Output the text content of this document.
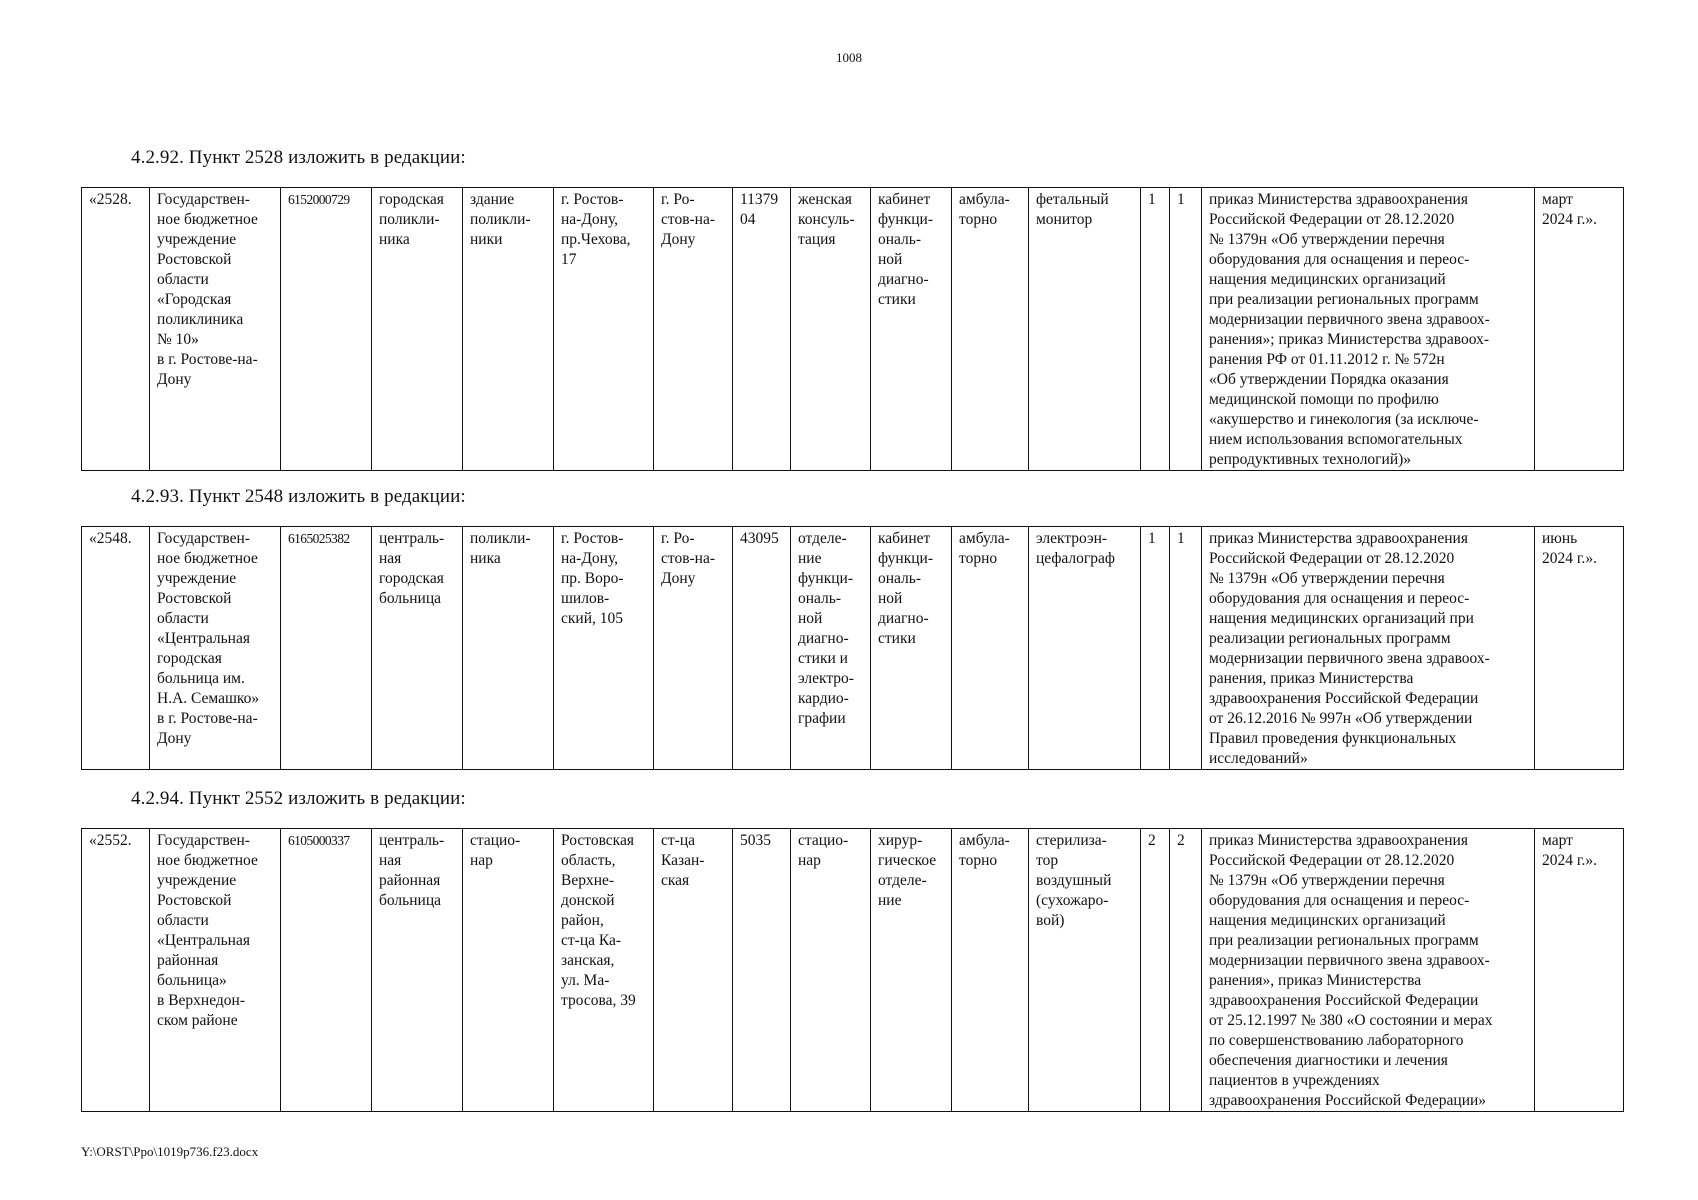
1008
4.2.92. Пункт 2528 изложить в редакции:
«2528.	Государствен-
ное бюджетное
учреждение
Ростовской
области
«Городская
поликлиника
№ 10»
в г. Ростове-на-
Дону	6152000729	городская
поликли-
ника	здание
поликли-
ники	г. Ростов-
на-Дону,
пр.Чехова,
17	г. Ро-
стов-на-
Дону	11379
04	женская
консуль-
тация	кабинет
функци-
ональ-
ной
диагно-
стики	амбула-
торно	фетальный
монитор	1	1	приказ Министерства здравоохранения
Российской Федерации от 28.12.2020
№ 1379н «Об утверждении перечня
оборудования для оснащения и переос-
нащения медицинских организаций
при реализации региональных программ
модернизации первичного звена здравоох-
ранения»; приказ Министерства здравоох-
ранения РФ от 01.11.2012 г. № 572н
«Об утверждении Порядка оказания
медицинской помощи по профилю
«акушерство и гинекология (за исключе-
нием использования вспомогательных
репродуктивных технологий)»	март
2024 г.».
4.2.93. Пункт 2548 изложить в редакции:
«2548.	Государствен-
ное бюджетное
учреждение
Ростовской
области
«Центральная
городская
больница им.
Н.А. Семашко»
в г. Ростове-на-
Дону	6165025382	централь-
ная
городская
больница	поликли-
ника	г. Ростов-
на-Дону,
пр. Воро-
шилов-
ский, 105	г. Ро-
стов-на-
Дону	43095	отделе-
ние
функци-
ональ-
ной
диагно-
стики и
электро-
кардио-
графии	кабинет
функци-
ональ-
ной
диагно-
стики	амбула-
торно	электроэн-
цефалограф	1	1	приказ Министерства здравоохранения
Российской Федерации от 28.12.2020
№ 1379н «Об утверждении перечня
оборудования для оснащения и переос-
нащения медицинских организаций при
реализации региональных программ
модернизации первичного звена здравоох-
ранения, приказ Министерства
здравоохранения Российской Федерации
от 26.12.2016 № 997н «Об утверждении
Правил проведения функциональных
исследований»	июнь
2024 г.».
4.2.94. Пункт 2552 изложить в редакции:
«2552.	Государствен-
ное бюджетное
учреждение
Ростовской
области
«Центральная
районная
больница»
в Верхнедон-
ском районе	6105000337	централь-
ная
районная
больница	стацио-
нар	Ростовская
область,
Верхне-
донской
район,
ст-ца Ка-
занская,
ул. Ма-
тросова, 39	ст-ца
Казан-
ская	5035	стацио-
нар	хирур-
гическое
отделе-
ние	амбула-
торно	стерилиза-
тор
воздушный
(сухожаро-
вой)	2	2	приказ Министерства здравоохранения
Российской Федерации от 28.12.2020
№ 1379н «Об утверждении перечня
оборудования для оснащения и переос-
нащения медицинских организаций
при реализации региональных программ
модернизации первичного звена здравоох-
ранения», приказ Министерства
здравоохранения Российской Федерации
от 25.12.1997 № 380 «О состоянии и мерах
по совершенствованию лабораторного
обеспечения диагностики и лечения
пациентов в учреждениях
здравоохранения Российской Федерации»	март
2024 г.».
Y:\ORST\Ppo\1019p736.f23.docx
